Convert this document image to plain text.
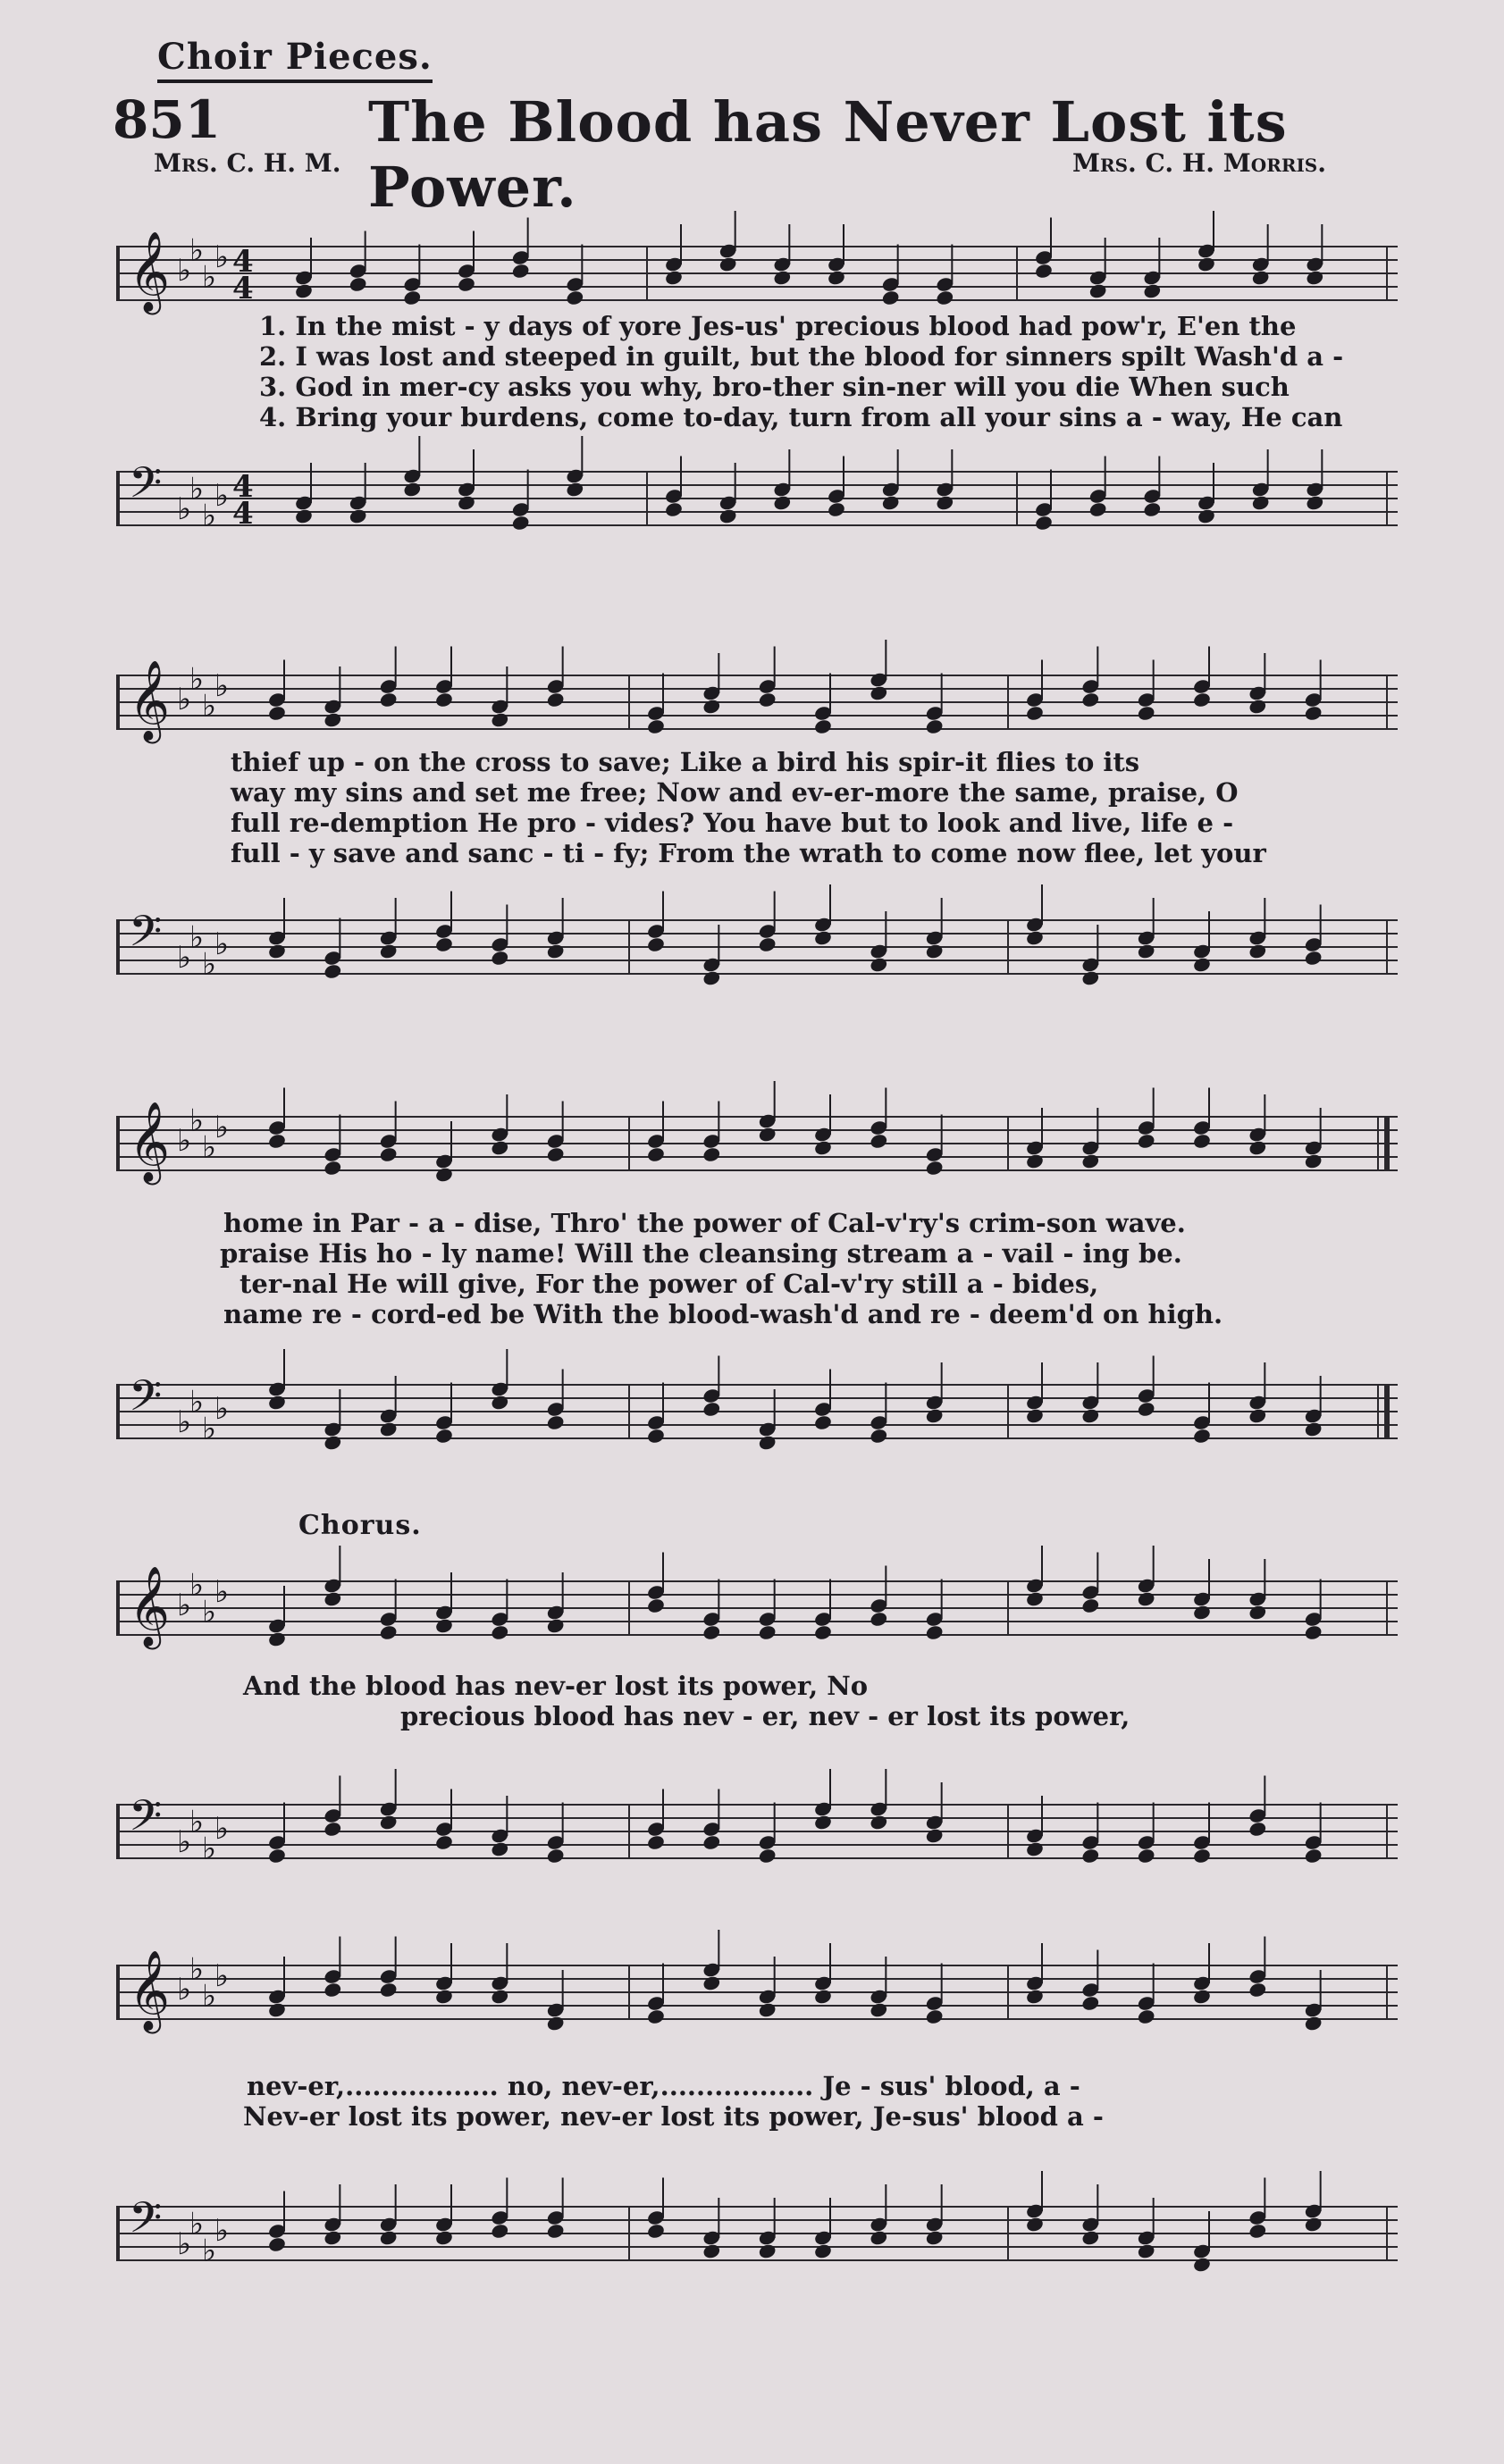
Choir Pieces.
851	The Blood has Never Lost its Power.
Mrs. C. H. M.	Mrs. C. H. Morris.
𝄞 ♭
♭
♭
♭ 4
4
1. In the mist - y days of yore Jes-us' precious blood had pow'r, E'en the
2. I was lost and steeped in guilt, but the blood for sinners spilt Wash'd a -
3. God in mer-cy asks you why, bro-ther sin-ner will you die When such
4. Bring your burdens, come to-day, turn from all your sins a - way, He can
𝄢 ♭
♭
♭
♭ 4
4
𝄞 ♭
♭
♭
♭
thief up - on the cross to save; Like a bird his spir-it flies to its
way my sins and set me free; Now and ev-er-more the same, praise, O
full re-demption He pro - vides? You have but to look and live, life e -
full - y save and sanc - ti - fy; From the wrath to come now flee, let your
𝄢 ♭
♭
♭
♭
𝄞 ♭
♭
♭
♭
home in Par - a - dise, Thro' the power of Cal-v'ry's crim-son wave.
praise His ho - ly name! Will the cleansing stream a - vail - ing be.
ter-nal He will give, For the power of Cal-v'ry still a - bides,
name re - cord-ed be With the blood-wash'd and re - deem'd on high.
𝄢 ♭
♭
♭
♭
Chorus.
𝄞 ♭
♭
♭
♭
And the blood has nev-er lost its power, No
precious blood has nev - er, nev - er lost its power,
𝄢 ♭
♭
♭
♭
𝄞 ♭
♭
♭
♭
nev-er,................. no, nev-er,................. Je - sus' blood, a -
Nev-er lost its power, nev-er lost its power, Je-sus' blood a -
𝄢 ♭
♭
♭
♭
